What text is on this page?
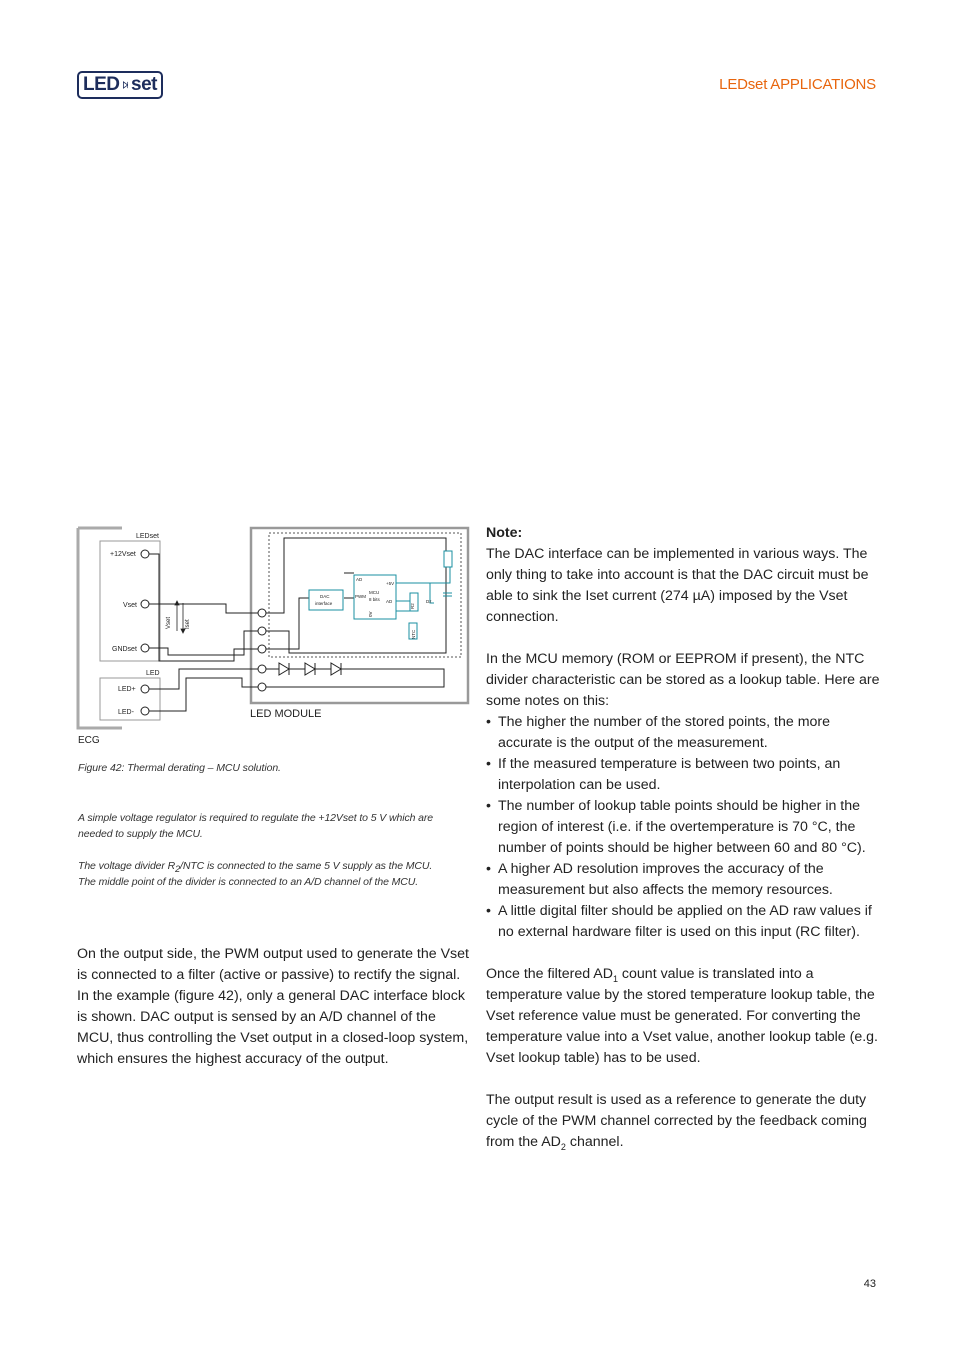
LED set	LEDset APPLICATIONS
LEDset
+12Vset
Vset
GNDset
LED
LED+
LED-
ECG
LED MODULE
Vset Iset
DAC
interface
MCU
8 bits
PWM
AD
AD
+5V
0V
NTC
R2
Dz
Figure 42: Thermal derating – MCU solution.
A simple voltage regulator is required to regulate the +12Vset to 5 V which are needed to supply the MCU.
The voltage divider $R_2$/NTC is connected to the same 5 V supply as the MCU. The middle point of the divider is connected to an A/D channel of the MCU.
On the output side, the PWM output used to generate the Vset is connected to a filter (active or passive) to rectify the signal. In the example (figure 42), only a general DAC interface block is shown. DAC output is sensed by an A/D channel of the MCU, thus controlling the Vset output in a closed-loop system, which ensures the highest accuracy of the output.

Note:

The DAC interface can be implemented in various ways. The only thing to take into account is that the DAC circuit must be able to sink the Iset current (274 µA) imposed by the Vset connection.

In the MCU memory (ROM or EEPROM if present), the NTC divider characteristic can be stored as a lookup table. Here are some notes on this:

• The higher the number of the stored points, the more accurate is the output of the measurement.
• If the measured temperature is between two points, an interpolation can be used.
• The number of lookup table points should be higher in the region of interest (i.e. if the overtemperature is 70 °C, the number of points should be higher between 60 and 80 °C).
• A higher AD resolution improves the accuracy of the measurement but also affects the memory resources.
• A little digital filter should be applied on the AD raw values if no external hardware filter is used on this input (RC filter).

Once the filtered $AD_1$ count value is translated into a temperature value by the stored temperature lookup table, the Vset reference value must be generated. For converting the temperature value into a Vset value, another lookup table (e.g. Vset lookup table) has to be used.

The output result is used as a reference to generate the duty cycle of the PWM channel corrected by the feedback coming from the $AD_2$ channel.

43
